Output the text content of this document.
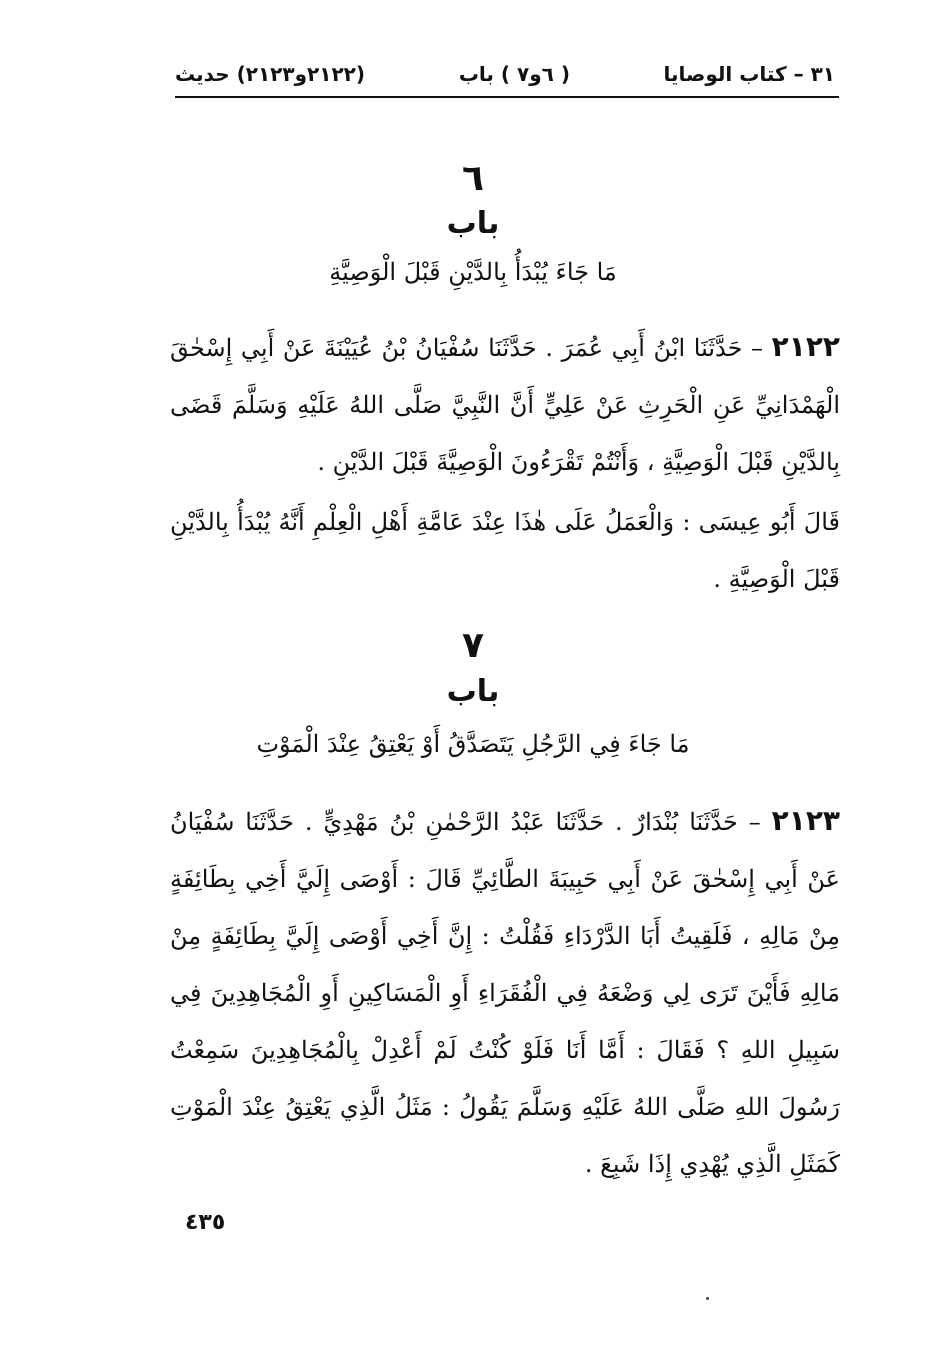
٣١ – كتاب الوصايا
( ٦و٧ ) باب
(٢١٢٢و٢١٢٣) حديث
٦
باب
مَا جَاءَ يُبْدَأُ بِالدَّيْنِ قَبْلَ الْوَصِيَّةِ
٢١٢٢ – حَدَّثَنَا ابْنُ أَبِي عُمَرَ . حَدَّثَنَا سُفْيَانُ بْنُ عُيَيْنَةَ عَنْ أَبِي إِسْحٰقَ الْهَمْدَانِيِّ عَنِ الْحَرِثِ عَنْ عَلِيٍّ أَنَّ النَّبِيَّ صَلَّى اللهُ عَلَيْهِ وَسَلَّمَ قَضَى بِالدَّيْنِ قَبْلَ الْوَصِيَّةِ ، وَأَنْتُمْ تَقْرَءُونَ الْوَصِيَّةَ قَبْلَ الدَّيْنِ .
قَالَ أَبُو عِيسَى : وَالْعَمَلُ عَلَى هٰذَا عِنْدَ عَامَّةِ أَهْلِ الْعِلْمِ أَنَّهُ يُبْدَأُ بِالدَّيْنِ قَبْلَ الْوَصِيَّةِ .
٧
باب
مَا جَاءَ فِي الرَّجُلِ يَتَصَدَّقُ أَوْ يَعْتِقُ عِنْدَ الْمَوْتِ
٢١٢٣ – حَدَّثَنَا بُنْدَارٌ . حَدَّثَنَا عَبْدُ الرَّحْمٰنِ بْنُ مَهْدِيٍّ . حَدَّثَنَا سُفْيَانُ عَنْ أَبِي إِسْحٰقَ عَنْ أَبِي حَبِيبَةَ الطَّائِيِّ قَالَ : أَوْصَى إِلَيَّ أَخِي بِطَائِفَةٍ مِنْ مَالِهِ ، فَلَقِيتُ أَبَا الدَّرْدَاءِ فَقُلْتُ : إِنَّ أَخِي أَوْصَى إِلَيَّ بِطَائِفَةٍ مِنْ مَالِهِ فَأَيْنَ تَرَى لِي وَضْعَهُ فِي الْفُقَرَاءِ أَوِ الْمَسَاكِينِ أَوِ الْمُجَاهِدِينَ فِي سَبِيلِ اللهِ ؟ فَقَالَ : أَمَّا أَنَا فَلَوْ كُنْتُ لَمْ أَعْدِلْ بِالْمُجَاهِدِينَ سَمِعْتُ رَسُولَ اللهِ صَلَّى اللهُ عَلَيْهِ وَسَلَّمَ يَقُولُ : مَثَلُ الَّذِي يَعْتِقُ عِنْدَ الْمَوْتِ كَمَثَلِ الَّذِي يُهْدِي إِذَا شَبِعَ .
٤٣٥
